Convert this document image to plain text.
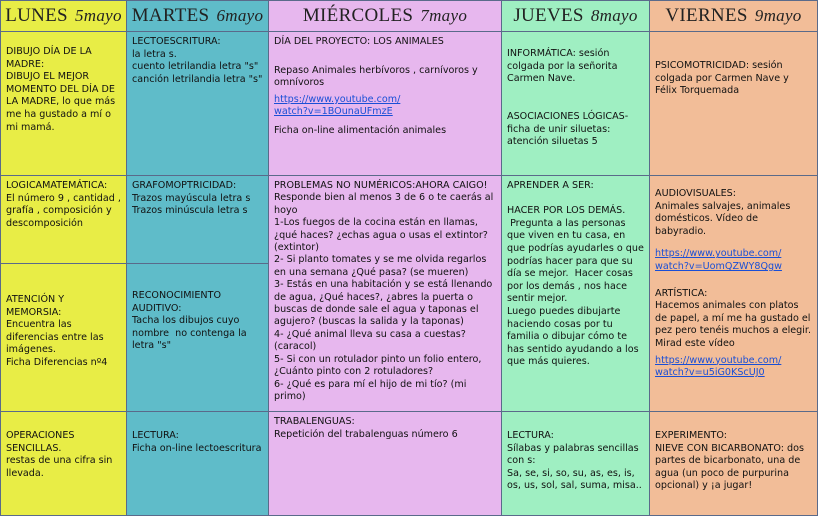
LUNES
5mayo MARTES
6mayo MIÉRCOLES
7mayo JUEVES
8mayo VIERNES
9mayo
DIBUJO DÍA DE LA MADRE:
DIBUJO EL MEJOR MOMENTO DEL DÍA DE LA MADRE, lo que más me ha gustado a mí o mi mamá.
LOGICAMATEMÁTICA:
El número 9 , cantidad , grafía , composición y descomposición
ATENCIÓN Y MEMORSIA:
Encuentra las diferencias entre las imágenes.
Ficha Diferencias nº4
OPERACIONES SENCILLAS.
restas de una cifra sin llevada.
LECTOESCRITURA:
la letra s.
cuento letrilandia letra "s"
canción letrilandia letra "s"
GRAFOMOPTRICIDAD:
Trazos mayúscula letra s
Trazos minúscula letra s
RECONOCIMIENTO AUDITIVO:
Tacha los dibujos cuyo nombre  no contenga la letra "s"
LECTURA:
Ficha on-line lectoescritura
DÍA DEL PROYECTO: LOS ANIMALES
Repaso Animales herbívoros , carnívoros y omnívoros
https://www.youtube.com/watch?v=1BOunaUFmzE
Ficha on-line alimentación animales
PROBLEMAS NO NUMÉRICOS:AHORA CAIGO!
Responde bien al menos 3 de 6 o te caerás al hoyo
1-Los fuegos de la cocina están en llamas, ¿qué haces? ¿echas agua o usas el extintor? (extintor)
2- Si planto tomates y se me olvida regarlos en una semana ¿Qué pasa? (se mueren)
3- Estás en una habitación y se está llenando de agua, ¿Qué haces?, ¿abres la puerta o buscas de donde sale el agua y taponas el agujero? (buscas la salida y la taponas)
4- ¿Qué animal lleva su casa a cuestas? (caracol)
5- Si con un rotulador pinto un folio entero, ¿Cuánto pinto con 2 rotuladores?
6- ¿Qué es para mí el hijo de mi tío? (mi primo)
TRABALENGUAS:
Repetición del trabalenguas número 6
INFORMÁTICA: sesión colgada por la señorita Carmen Nave.

ASOCIACIONES LÓGICAS-ficha de unir siluetas: atención siluetas 5
APRENDER A SER:

HACER POR LOS DEMÁS.
Pregunta a las personas que viven en tu casa, en que podrías ayudarles o que podrías hacer para que su día se mejor.  Hacer cosas por los demás , nos hace sentir mejor.
Luego puedes dibujarte haciendo cosas por tu familia o dibujar cómo te has sentido ayudando a los que más quieres.
LECTURA:
Sílabas y palabras sencillas con s:
Sa, se, si, so, su, as, es, is, os, us, sol, sal, suma, misa..
PSICOMOTRICIDAD: sesión colgada por Carmen Nave y Félix Torquemada
AUDIOVISUALES:
Animales salvajes, animales domésticos. Vídeo de babyradio.
https://www.youtube.com/watch?v=UomQZWY8Qgw
ARTÍSTICA:
Hacemos animales con platos de papel, a mí me ha gustado el pez pero tenéis muchos a elegir. Mirad este vídeo
https://www.youtube.com/watch?v=u5iG0KScUJ0
EXPERIMENTO:
NIEVE CON BICARBONATO: dos partes de bicarbonato, una de agua (un poco de purpurina opcional) y ¡a jugar!
